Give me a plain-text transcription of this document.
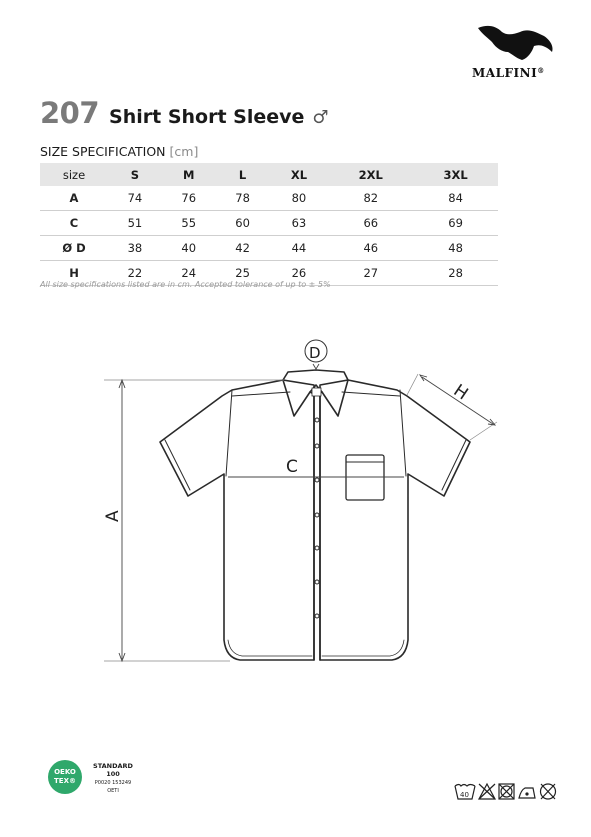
MALFINI®
207 Shirt Short Sleeve ♂
SIZE SPECIFICATION [cm]
size	S	M	L	XL	2XL	3XL
A	74	76	78	80	82	84
C	51	55	60	63	66	69
Ø D	38	40	42	44	46	48
H	22	24	25	26	27	28
All size specifications listed are in cm. Accepted tolerance of up to ± 5%
A
C
D
H
OEKO
TEX®
STANDARD
100
P0020 153249
OETI	40
